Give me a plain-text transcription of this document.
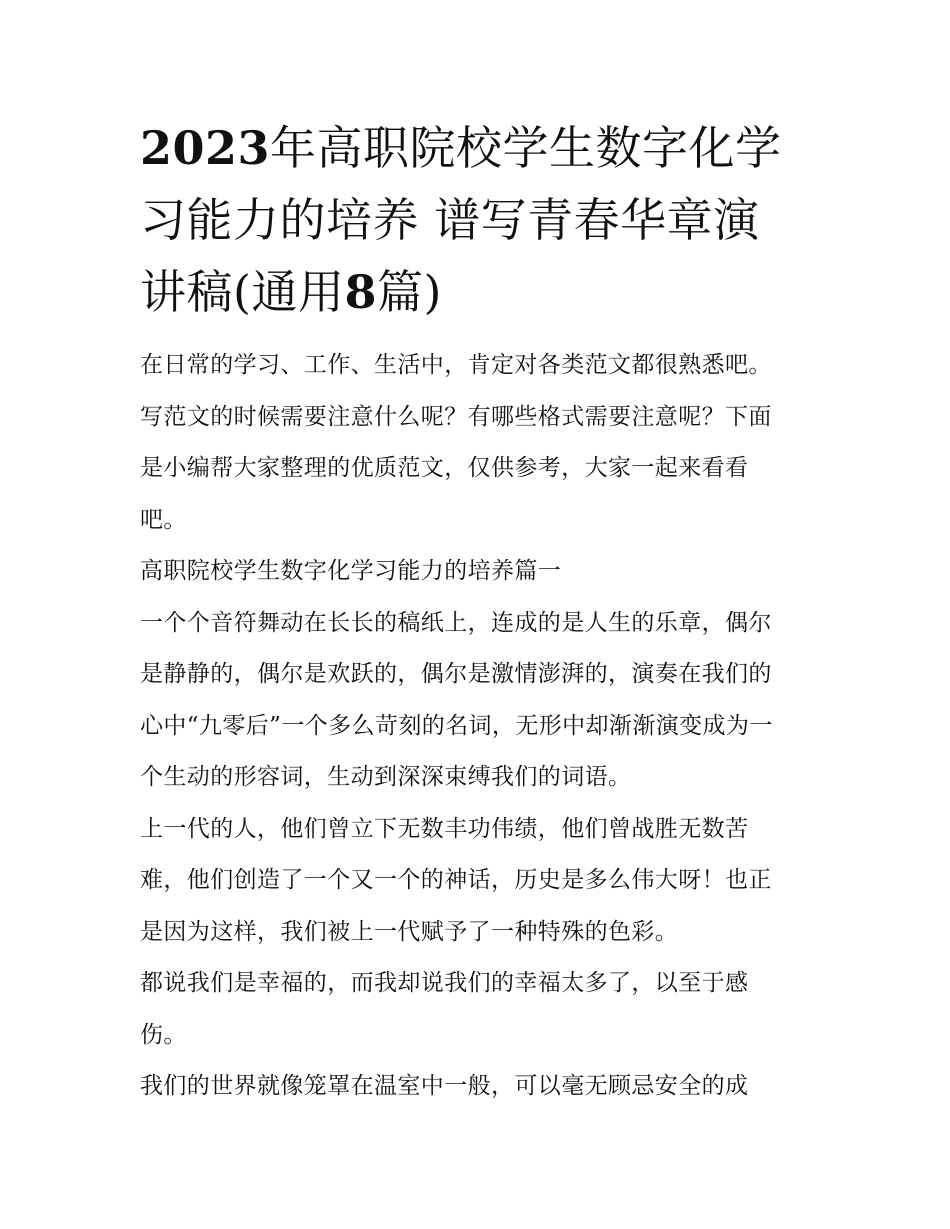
2023年高职院校学生数字化学
习能力的培养 谱写青春华章演
讲稿(通用8篇)

在日常的学习、工作、生活中，肯定对各类范文都很熟悉吧。
写范文的时候需要注意什么呢？有哪些格式需要注意呢？下面
是小编帮大家整理的优质范文，仅供参考，大家一起来看看
吧。

高职院校学生数字化学习能力的培养篇一

一个个音符舞动在长长的稿纸上，连成的是人生的乐章，偶尔
是静静的，偶尔是欢跃的，偶尔是激情澎湃的，演奏在我们的
心中“九零后”一个多么苛刻的名词，无形中却渐渐演变成为一
个生动的形容词，生动到深深束缚我们的词语。

上一代的人，他们曾立下无数丰功伟绩，他们曾战胜无数苦
难，他们创造了一个又一个的神话，历史是多么伟大呀！也正
是因为这样，我们被上一代赋予了一种特殊的色彩。

都说我们是幸福的，而我却说我们的幸福太多了，以至于感
伤。

我们的世界就像笼罩在温室中一般，可以毫无顾忌安全的成
